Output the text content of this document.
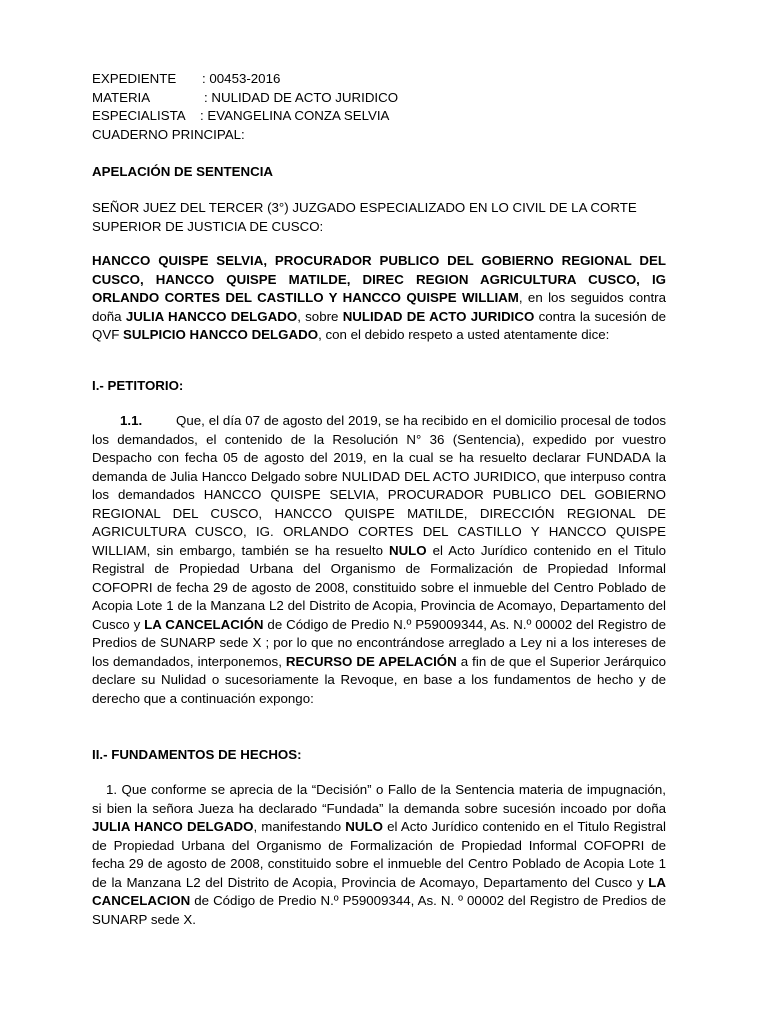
EXPEDIENTE : 00453-2016
MATERIA	: NULIDAD DE ACTO JURIDICO
ESPECIALISTA : EVANGELINA CONZA SELVIA
CUADERNO PRINCIPAL:
APELACIÓN DE SENTENCIA
SEÑOR JUEZ DEL TERCER (3°) JUZGADO ESPECIALIZADO EN LO CIVIL DE LA CORTE SUPERIOR DE JUSTICIA DE CUSCO:
HANCCO QUISPE SELVIA, PROCURADOR PUBLICO DEL GOBIERNO REGIONAL DEL CUSCO, HANCCO QUISPE MATILDE, DIREC REGION AGRICULTURA CUSCO, IG ORLANDO CORTES DEL CASTILLO Y HANCCO QUISPE WILLIAM, en los seguidos contra doña JULIA HANCCO DELGADO, sobre NULIDAD DE ACTO JURIDICO contra la sucesión de QVF SULPICIO HANCCO DELGADO, con el debido respeto a usted atentamente dice:
I.- PETITORIO:
1.1.	Que, el día 07 de agosto del 2019, se ha recibido en el domicilio procesal de todos los demandados, el contenido de la Resolución N° 36 (Sentencia), expedido por vuestro Despacho con fecha 05 de agosto del 2019, en la cual se ha resuelto declarar FUNDADA la demanda de Julia Hancco Delgado sobre NULIDAD DEL ACTO JURIDICO, que interpuso contra los demandados HANCCO QUISPE SELVIA, PROCURADOR PUBLICO DEL GOBIERNO REGIONAL DEL CUSCO, HANCCO QUISPE MATILDE, DIRECCIÓN REGIONAL DE AGRICULTURA CUSCO, IG. ORLANDO CORTES DEL CASTILLO Y HANCCO QUISPE WILLIAM, sin embargo, también se ha resuelto NULO el Acto Jurídico contenido en el Titulo Registral de Propiedad Urbana del Organismo de Formalización de Propiedad Informal COFOPRI de fecha 29 de agosto de 2008, constituido sobre el inmueble del Centro Poblado de Acopia Lote 1 de la Manzana L2 del Distrito de Acopia, Provincia de Acomayo, Departamento del Cusco y LA CANCELACIÓN de Código de Predio N.º P59009344, As. N.º 00002 del Registro de Predios de SUNARP sede X ; por lo que no encontrándose arreglado a Ley ni a los intereses de los demandados, interponemos, RECURSO DE APELACIÓN a fin de que el Superior Jerárquico declare su Nulidad o sucesoriamente la Revoque, en base a los fundamentos de hecho y de derecho que a continuación expongo:
II.- FUNDAMENTOS DE HECHOS:
1. Que conforme se aprecia de la “Decisión” o Fallo de la Sentencia materia de impugnación, si bien la señora Jueza ha declarado “Fundada” la demanda sobre sucesión incoado por doña JULIA HANCO DELGADO, manifestando NULO el Acto Jurídico contenido en el Titulo Registral de Propiedad Urbana del Organismo de Formalización de Propiedad Informal COFOPRI de fecha 29 de agosto de 2008, constituido sobre el inmueble del Centro Poblado de Acopia Lote 1 de la Manzana L2 del Distrito de Acopia, Provincia de Acomayo, Departamento del Cusco y LA CANCELACION de Código de Predio N.º P59009344, As. N. º 00002 del Registro de Predios de SUNARP sede X.
